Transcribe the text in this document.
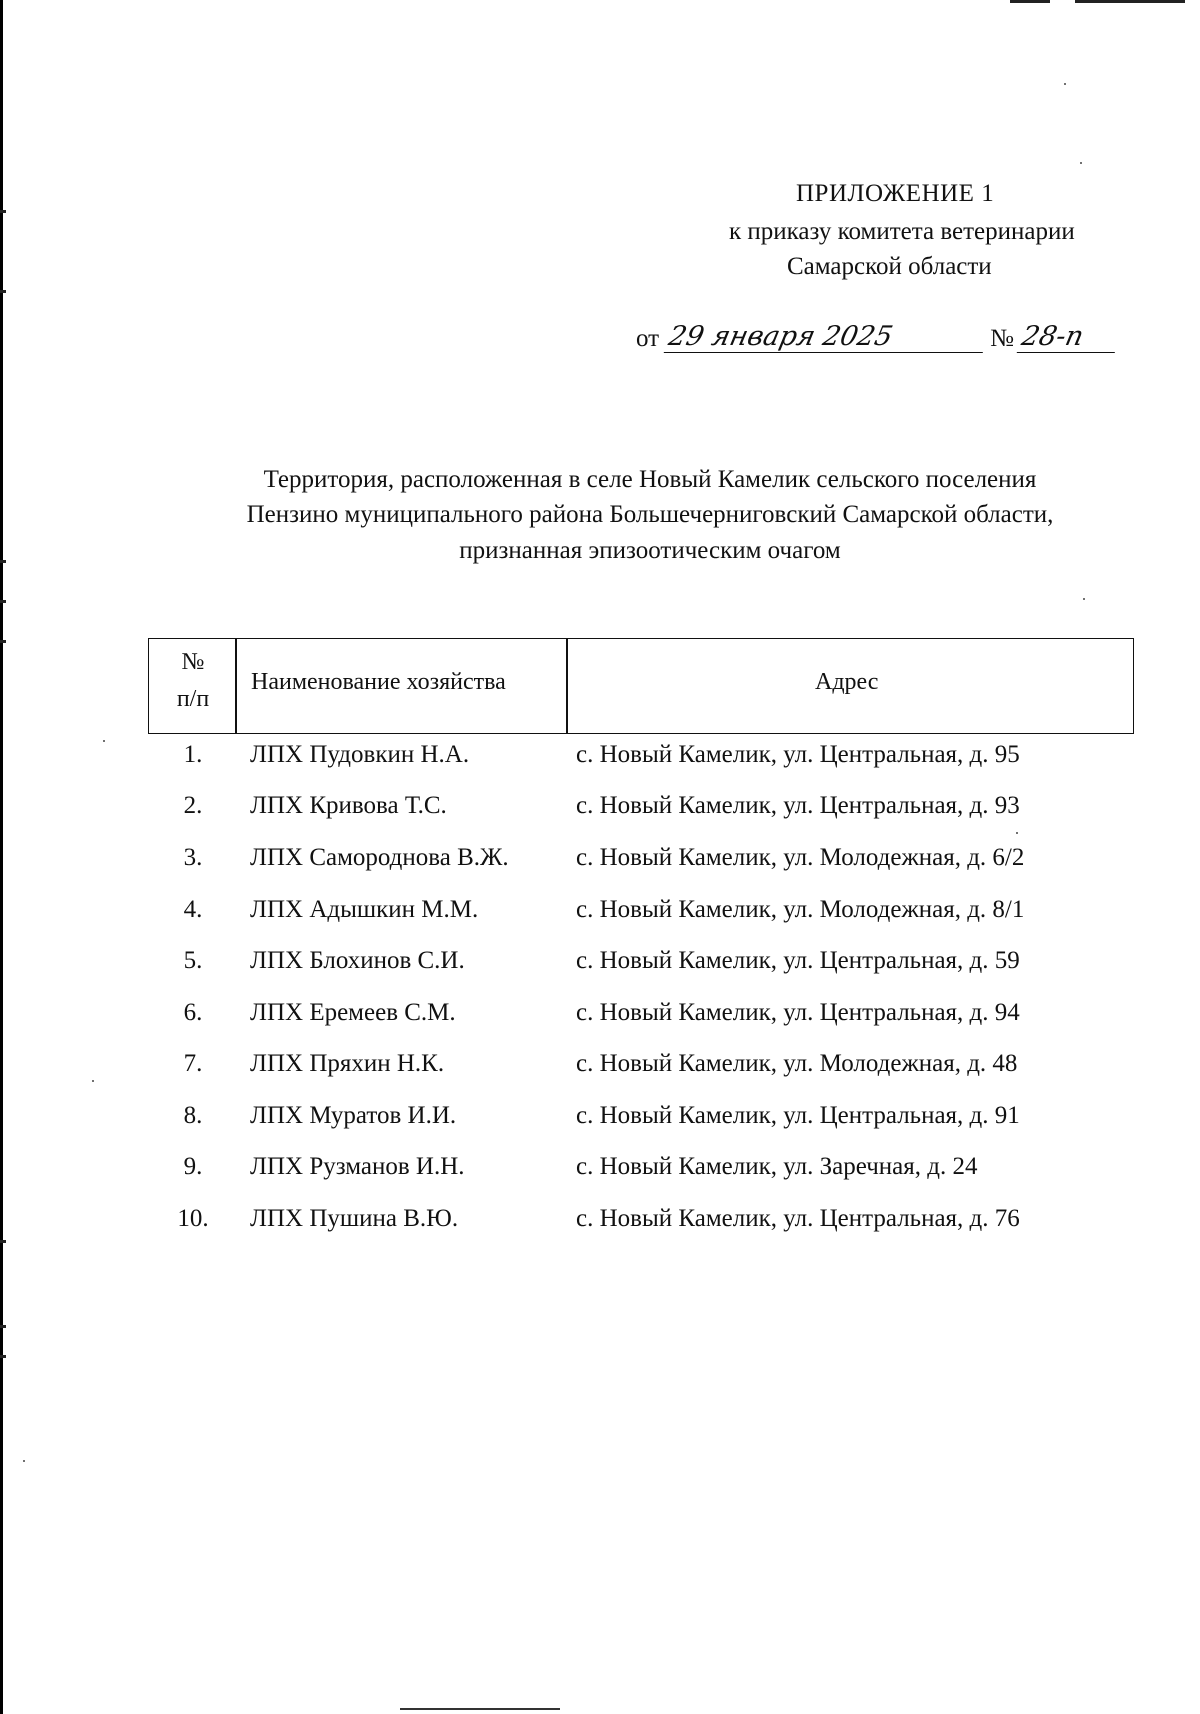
ПРИЛОЖЕНИЕ 1
к приказу комитета ветеринарии
Самарской области
от 29 января 2025	№ 28-п
Территория, расположенная в селе Новый Камелик сельского поселения
Пензино муниципального района Большечерниговский Самарской области,
признанная эпизоотическим очагом
№
п/п
Наименование хозяйства	Адрес
1.	ЛПХ Пудовкин Н.А.	с. Новый Камелик, ул. Центральная, д. 95
2.	ЛПХ Кривова Т.С.	с. Новый Камелик, ул. Центральная, д. 93
3.	ЛПХ Самороднова В.Ж.	с. Новый Камелик, ул. Молодежная, д. 6/2
4.	ЛПХ Адышкин М.М.	с. Новый Камелик, ул. Молодежная, д. 8/1
5.	ЛПХ Блохинов С.И.	с. Новый Камелик, ул. Центральная, д. 59
6.	ЛПХ Еремеев С.М.	с. Новый Камелик, ул. Центральная, д. 94
7.	ЛПХ Пряхин Н.К.	с. Новый Камелик, ул. Молодежная, д. 48
8.	ЛПХ Муратов И.И.	с. Новый Камелик, ул. Центральная, д. 91
9.	ЛПХ Рузманов И.Н.	с. Новый Камелик, ул. Заречная, д. 24
10.	ЛПХ Пушина В.Ю.	с. Новый Камелик, ул. Центральная, д. 76
